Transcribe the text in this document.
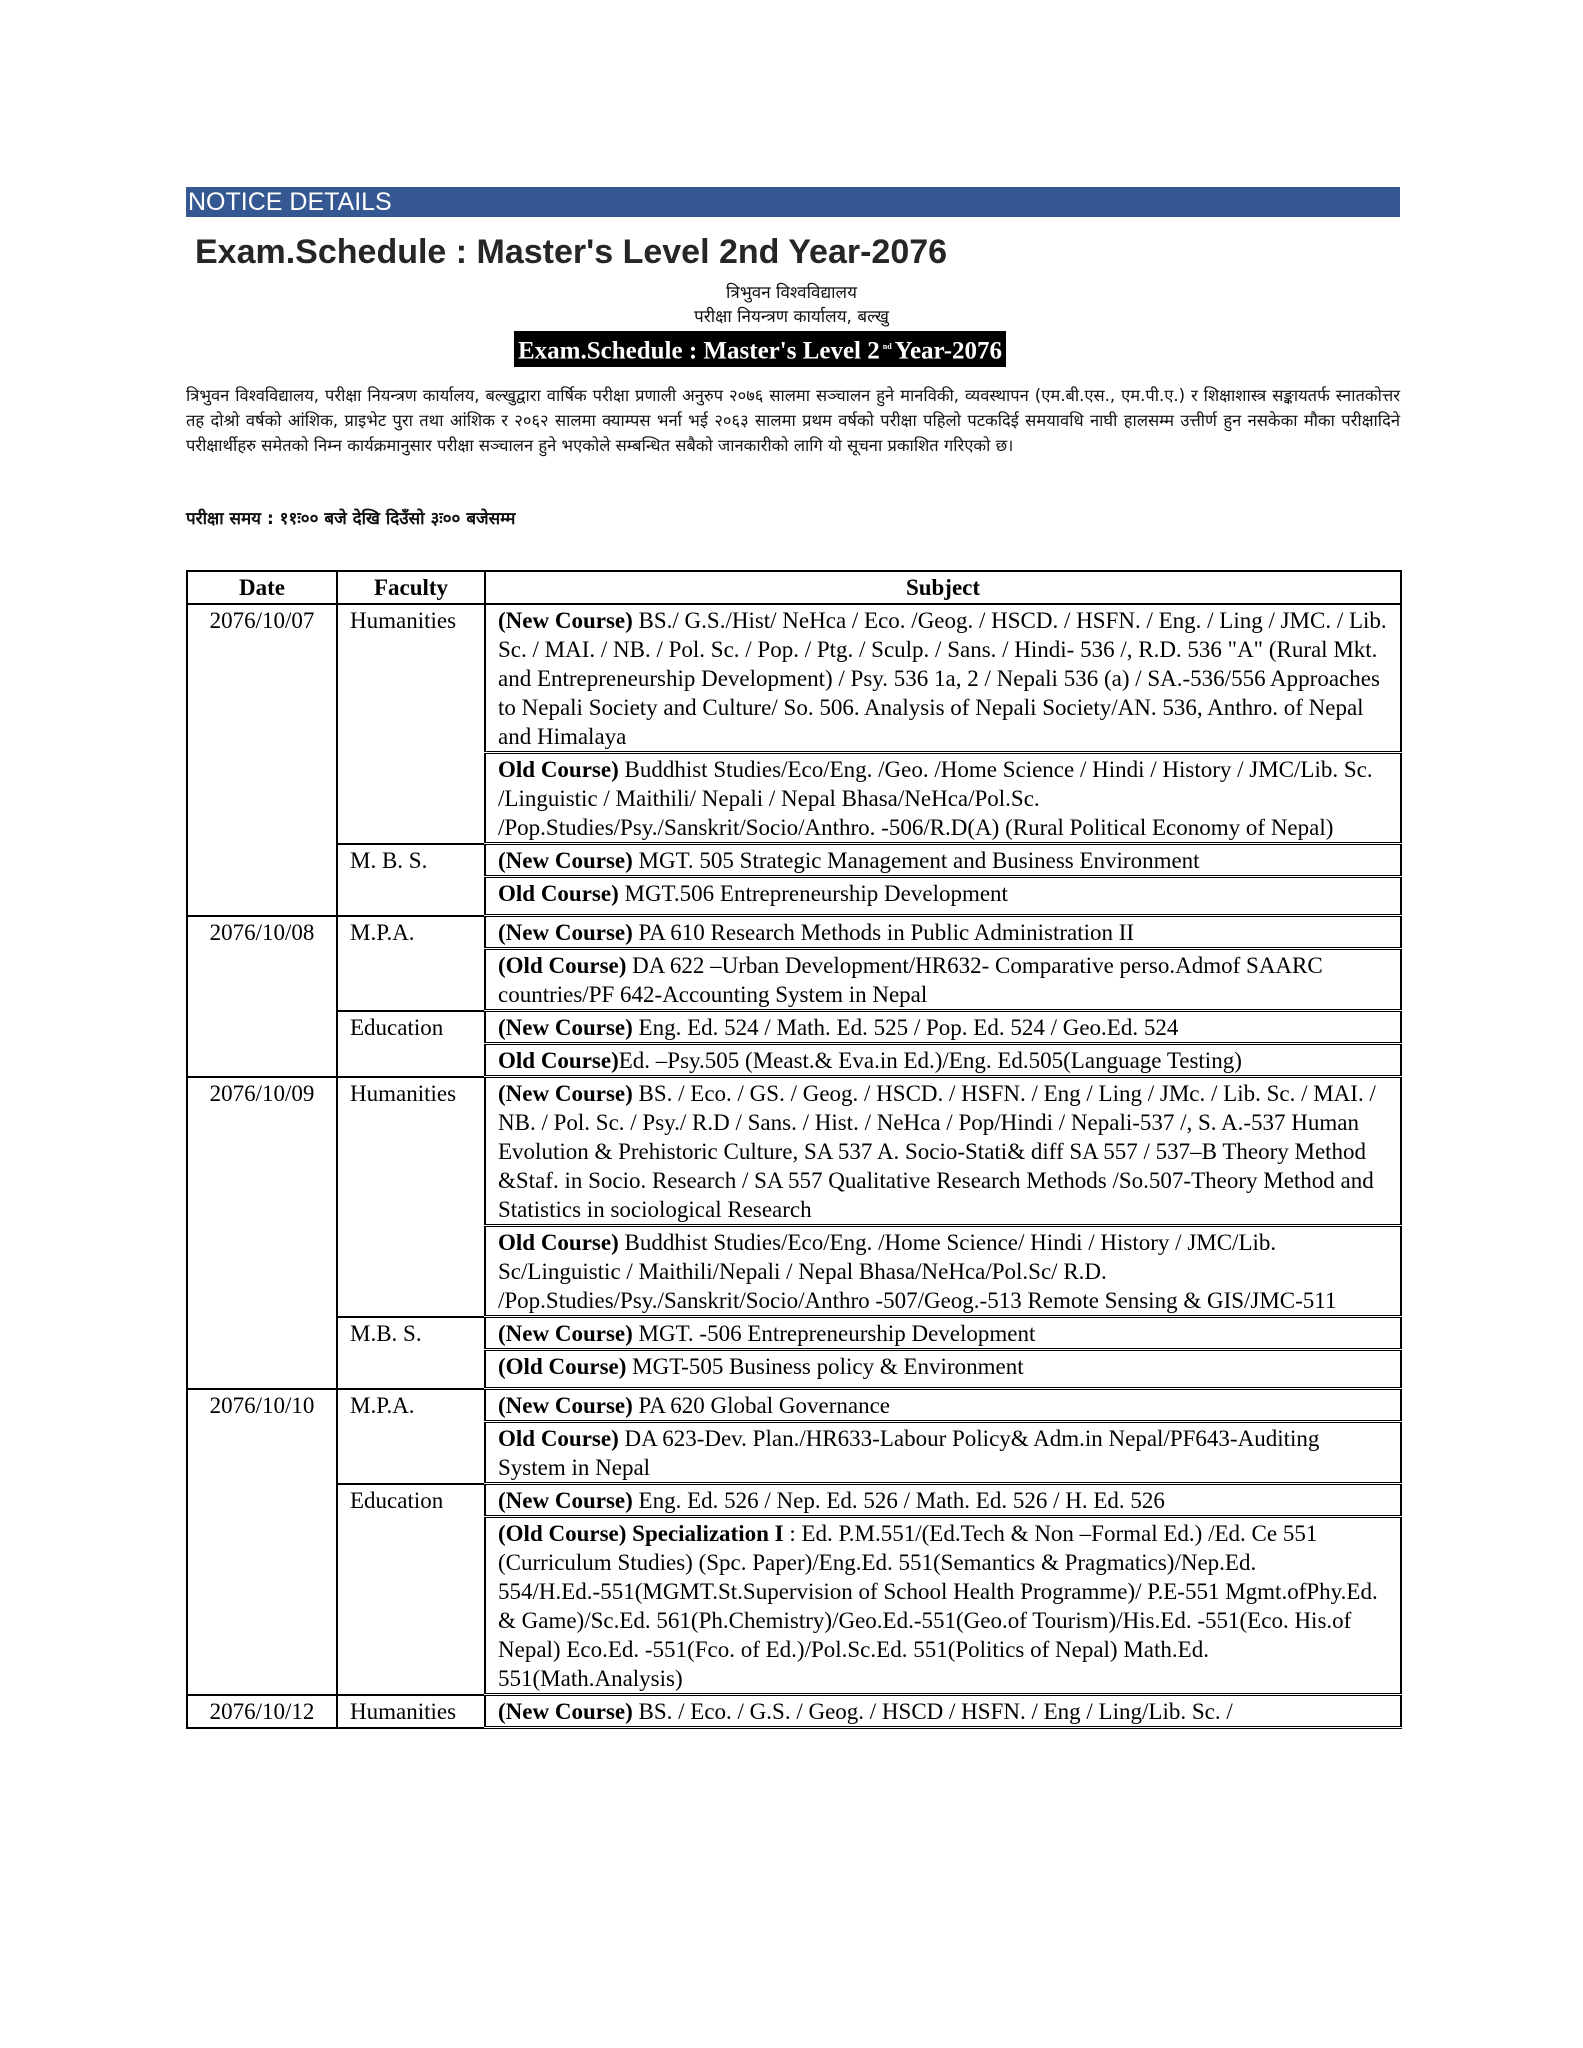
NOTICE DETAILS
Exam.Schedule : Master's Level 2nd Year-2076
त्रिभुवन विश्वविद्यालय
परीक्षा नियन्त्रण कार्यालय, बल्खु
Exam.Schedule : Master's Level 2 $^{nd}$ Year-2076
त्रिभुवन विश्वविद्यालय, परीक्षा नियन्त्रण कार्यालय, बल्खुद्वारा वार्षिक परीक्षा प्रणाली अनुरुप २०७६ सालमा सञ्चालन हुने मानविकी, व्यवस्थापन (एम.बी.एस., एम.पी.ए.) र शिक्षाशास्त्र सङ्कायतर्फ स्नातकोत्तर तह दोश्रो वर्षको आंशिक, प्राइभेट पुरा तथा आंशिक र २०६२ सालमा क्याम्पस भर्ना भई २०६३ सालमा प्रथम वर्षको परीक्षा पहिलो पटकदिई समयावधि नाघी हालसम्म उत्तीर्ण हुन नसकेका मौका परीक्षादिने परीक्षार्थीहरु समेतको निम्न कार्यक्रमानुसार परीक्षा सञ्चालन हुने भएकोले सम्बन्धित सबैको जानकारीको लागि यो सूचना प्रकाशित गरिएको छ।
परीक्षा समय : ११ः०० बजे देखि दिउँसो ३ः०० बजेसम्म
Date	Faculty	Subject
2076/10/07	Humanities	(New Course) BS./ G.S./Hist/ NeHca / Eco. /Geog. / HSCD. / HSFN. / Eng. / Ling / JMC. / Lib. Sc. / MAI. / NB. / Pol. Sc. / Pop. / Ptg. / Sculp. / Sans. / Hindi- 536 /, R.D. 536 "A" (Rural Mkt. and Entrepreneurship Development) / Psy. 536 1a, 2 / Nepali 536 (a) / SA.-536/556 Approaches to Nepali Society and Culture/ So. 506. Analysis of Nepali Society/AN. 536, Anthro. of Nepal and Himalaya
		Old Course) Buddhist Studies/Eco/Eng. /Geo. /Home Science / Hindi / History / JMC/Lib. Sc. /Linguistic / Maithili/ Nepali / Nepal Bhasa/NeHca/Pol.Sc. /Pop.Studies/Psy./Sanskrit/Socio/Anthro. -506/R.D(A) (Rural Political Economy of Nepal)
	M. B. S.	(New Course) MGT. 505 Strategic Management and Business Environment
		Old Course) MGT.506 Entrepreneurship Development
2076/10/08	M.P.A.	(New Course) PA 610 Research Methods in Public Administration II
		(Old Course) DA 622 –Urban Development/HR632- Comparative perso.Admof SAARC countries/PF 642-Accounting System in Nepal
	Education	(New Course) Eng. Ed. 524 / Math. Ed. 525 / Pop. Ed. 524 / Geo.Ed. 524
		Old Course)Ed. –Psy.505 (Meast.& Eva.in Ed.)/Eng. Ed.505(Language Testing)
2076/10/09	Humanities	(New Course) BS. / Eco. / GS. / Geog. / HSCD. / HSFN. / Eng / Ling / JMc. / Lib. Sc. / MAI. / NB. / Pol. Sc. / Psy./ R.D / Sans. / Hist. / NeHca / Pop/Hindi / Nepali-537 /, S. A.-537 Human Evolution & Prehistoric Culture, SA 537 A. Socio-Stati& diff SA 557 / 537–B Theory Method &Staf. in Socio. Research / SA 557 Qualitative Research Methods /So.507-Theory Method and Statistics in sociological Research
		Old Course) Buddhist Studies/Eco/Eng. /Home Science/ Hindi / History / JMC/Lib. Sc/Linguistic / Maithili/Nepali / Nepal Bhasa/NeHca/Pol.Sc/ R.D. /Pop.Studies/Psy./Sanskrit/Socio/Anthro -507/Geog.-513 Remote Sensing & GIS/JMC-511
	M.B. S.	(New Course) MGT. -506 Entrepreneurship Development
		(Old Course) MGT-505 Business policy & Environment
2076/10/10	M.P.A.	(New Course) PA 620 Global Governance
		Old Course) DA 623-Dev. Plan./HR633-Labour Policy& Adm.in Nepal/PF643-Auditing System in Nepal
	Education	(New Course) Eng. Ed. 526 / Nep. Ed. 526 / Math. Ed. 526 / H. Ed. 526
		(Old Course) Specialization I : Ed. P.M.551/(Ed.Tech & Non –Formal Ed.) /Ed. Ce 551 (Curriculum Studies) (Spc. Paper)/Eng.Ed. 551(Semantics & Pragmatics)/Nep.Ed. 554/H.Ed.-551(MGMT.St.Supervision of School Health Programme)/ P.E-551 Mgmt.ofPhy.Ed. & Game)/Sc.Ed. 561(Ph.Chemistry)/Geo.Ed.-551(Geo.of Tourism)/His.Ed. -551(Eco. His.of Nepal) Eco.Ed. -551(Fco. of Ed.)/Pol.Sc.Ed. 551(Politics of Nepal) Math.Ed. 551(Math.Analysis)
2076/10/12	Humanities	(New Course) BS. / Eco. / G.S. / Geog. / HSCD / HSFN. / Eng / Ling/Lib. Sc. /
